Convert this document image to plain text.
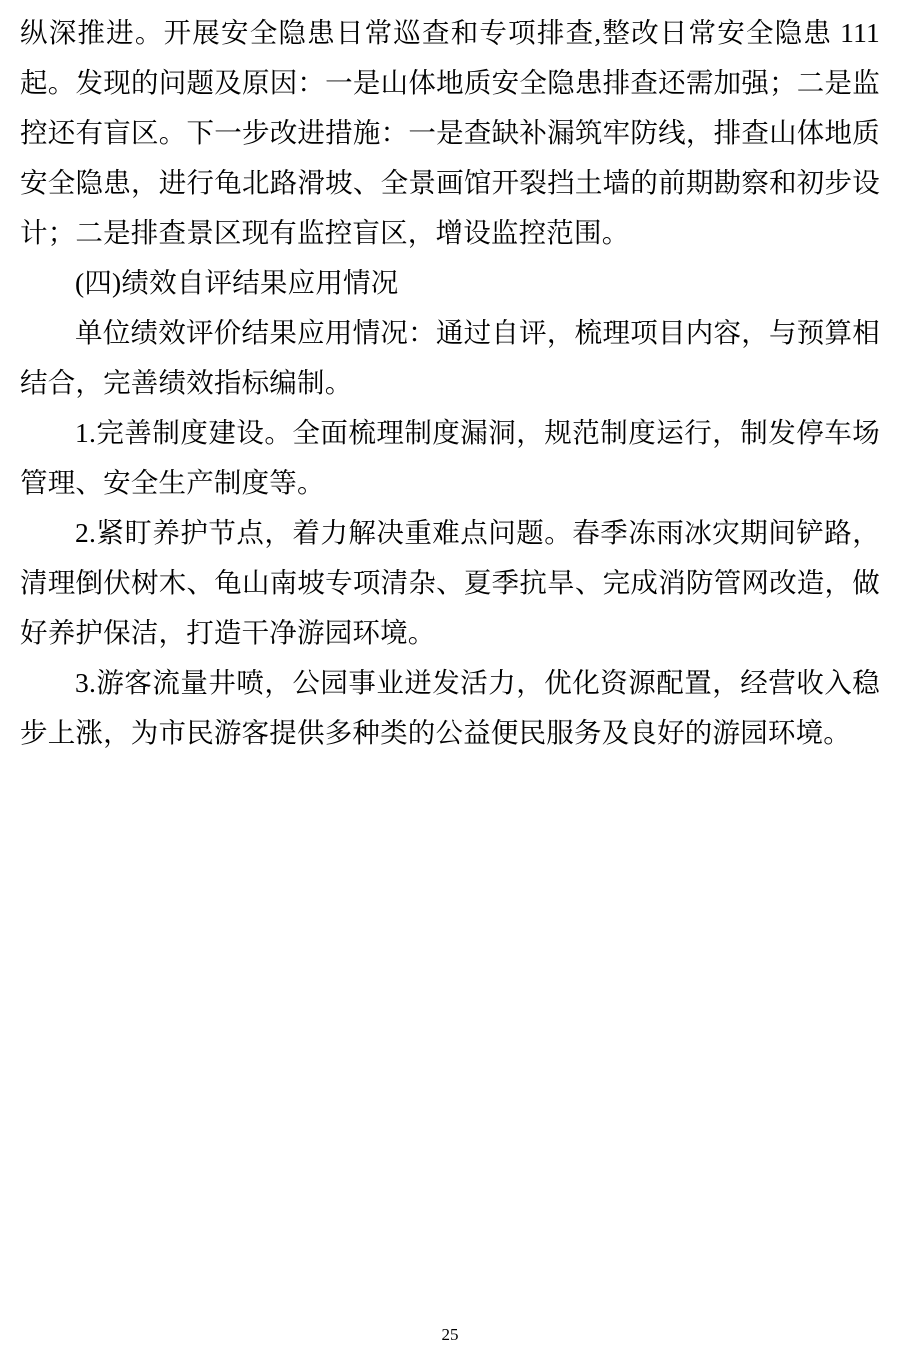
纵深推进。开展安全隐患日常巡查和专项排查,整改日常安全隐患 111 起。发现的问题及原因：一是山体地质安全隐患排查还需加强；二是监控还有盲区。下一步改进措施：一是查缺补漏筑牢防线，排查山体地质安全隐患，进行龟北路滑坡、全景画馆开裂挡土墙的前期勘察和初步设计；二是排查景区现有监控盲区，增设监控范围。

(四)绩效自评结果应用情况

单位绩效评价结果应用情况：通过自评，梳理项目内容，与预算相结合，完善绩效指标编制。

1.完善制度建设。全面梳理制度漏洞，规范制度运行，制发停车场管理、安全生产制度等。

2.紧盯养护节点，着力解决重难点问题。春季冻雨冰灾期间铲路，清理倒伏树木、龟山南坡专项清杂、夏季抗旱、完成消防管网改造，做好养护保洁，打造干净游园环境。

3.游客流量井喷，公园事业迸发活力，优化资源配置，经营收入稳步上涨，为市民游客提供多种类的公益便民服务及良好的游园环境。

25
